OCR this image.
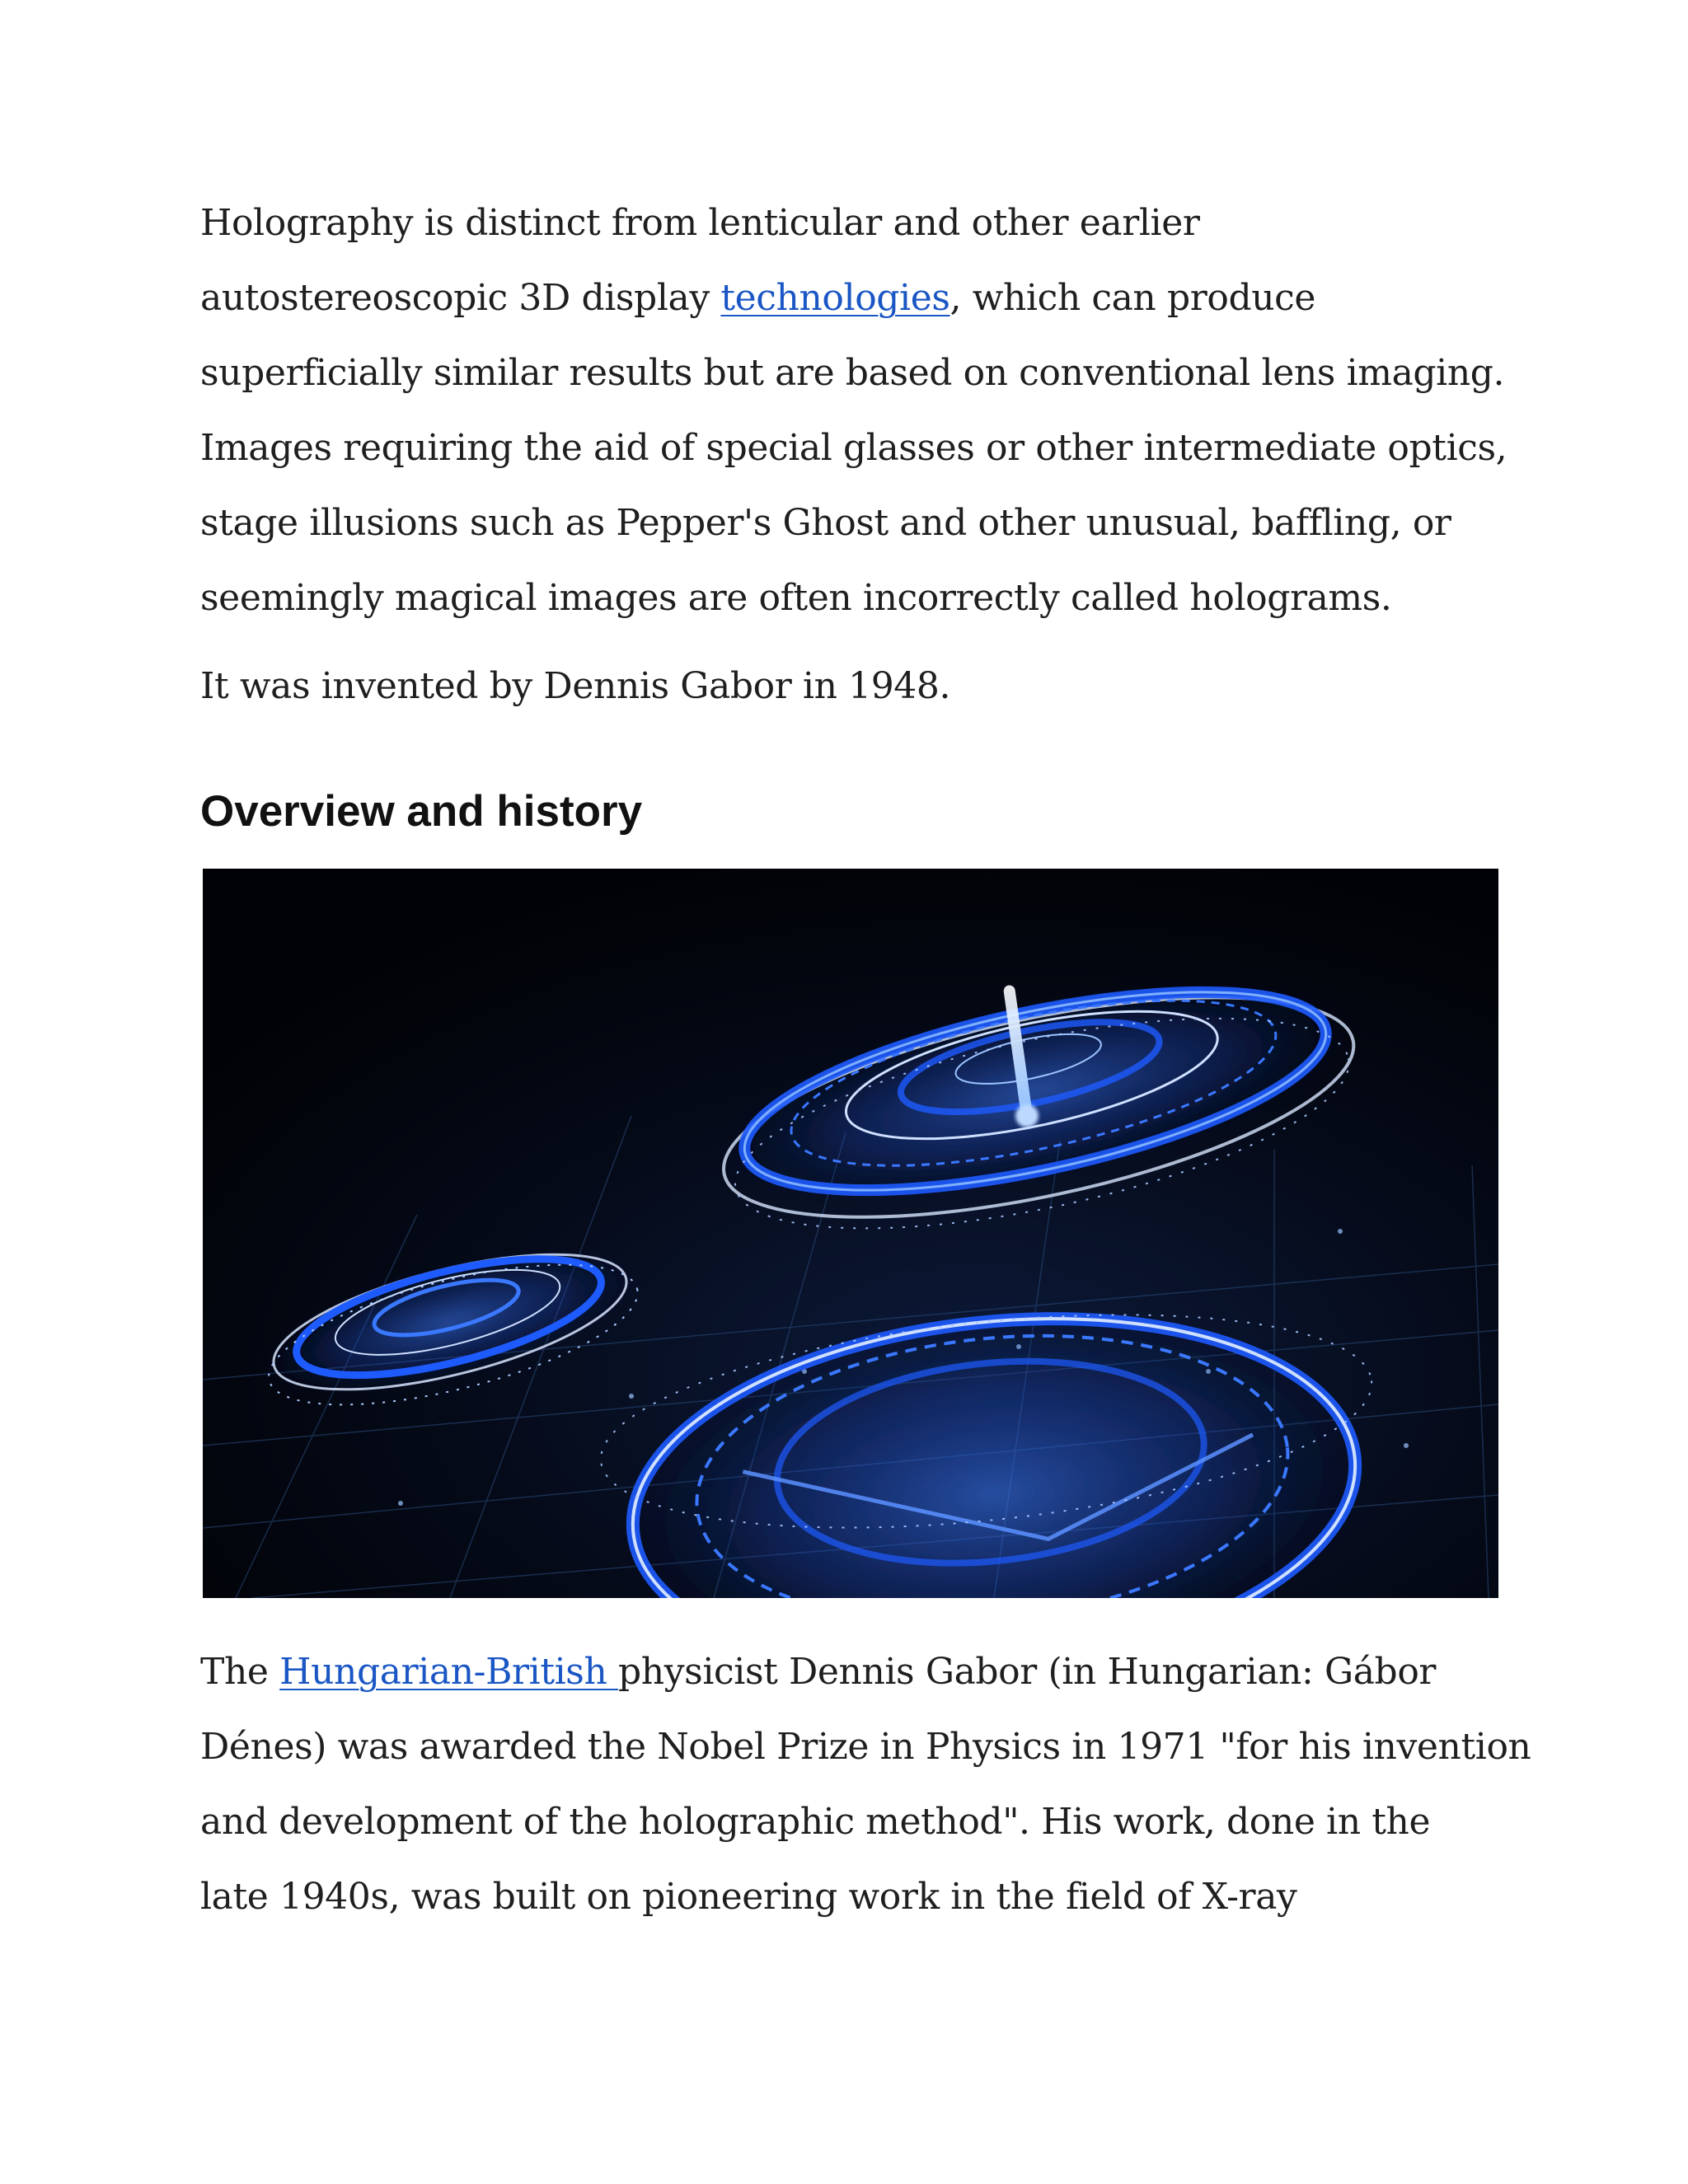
Holography is distinct from lenticular and other earlier
autostereoscopic 3D display technologies, which can produce
superficially similar results but are based on conventional lens imaging.
Images requiring the aid of special glasses or other intermediate optics,
stage illusions such as Pepper's Ghost and other unusual, baffling, or
seemingly magical images are often incorrectly called holograms.

It was invented by Dennis Gabor in 1948.

Overview and history

The Hungarian-British physicist Dennis Gabor (in Hungarian: Gábor
Dénes) was awarded the Nobel Prize in Physics in 1971 "for his invention
and development of the holographic method". His work, done in the
late 1940s, was built on pioneering work in the field of X-ray
